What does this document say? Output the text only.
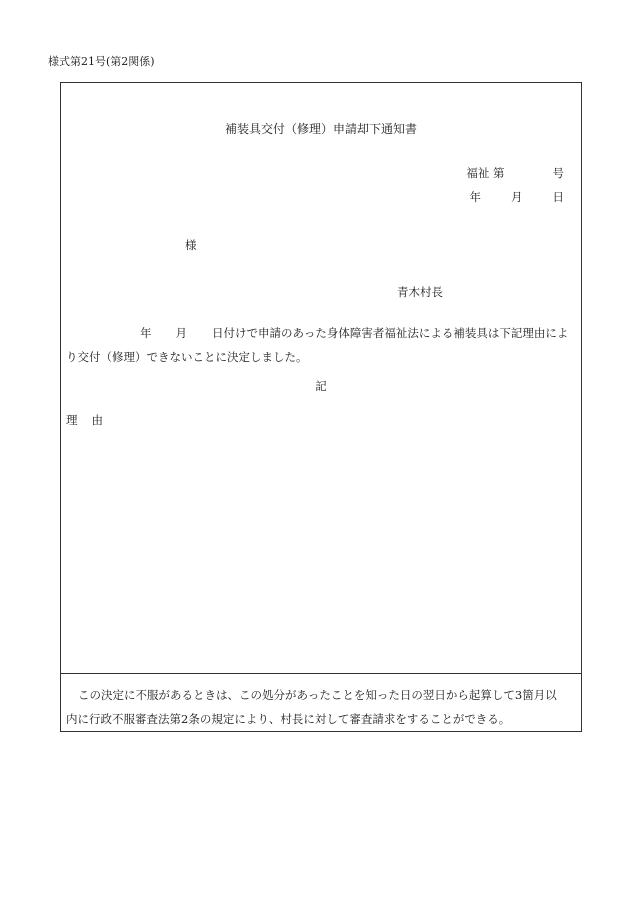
様式第21号(第2関係)
補装具交付（修理）申請却下通知書
福祉 第	号
年	月	日
様
青木村長
年 月 日付けで申請のあった身体障害者福祉法による補装具は下記理由によ
り交付（修理）できないことに決定しました。
記
理 由
この決定に不服があるときは、この処分があったことを知った日の翌日から起算して3箇月以
内に行政不服審査法第2条の規定により、村長に対して審査請求をすることができる。
